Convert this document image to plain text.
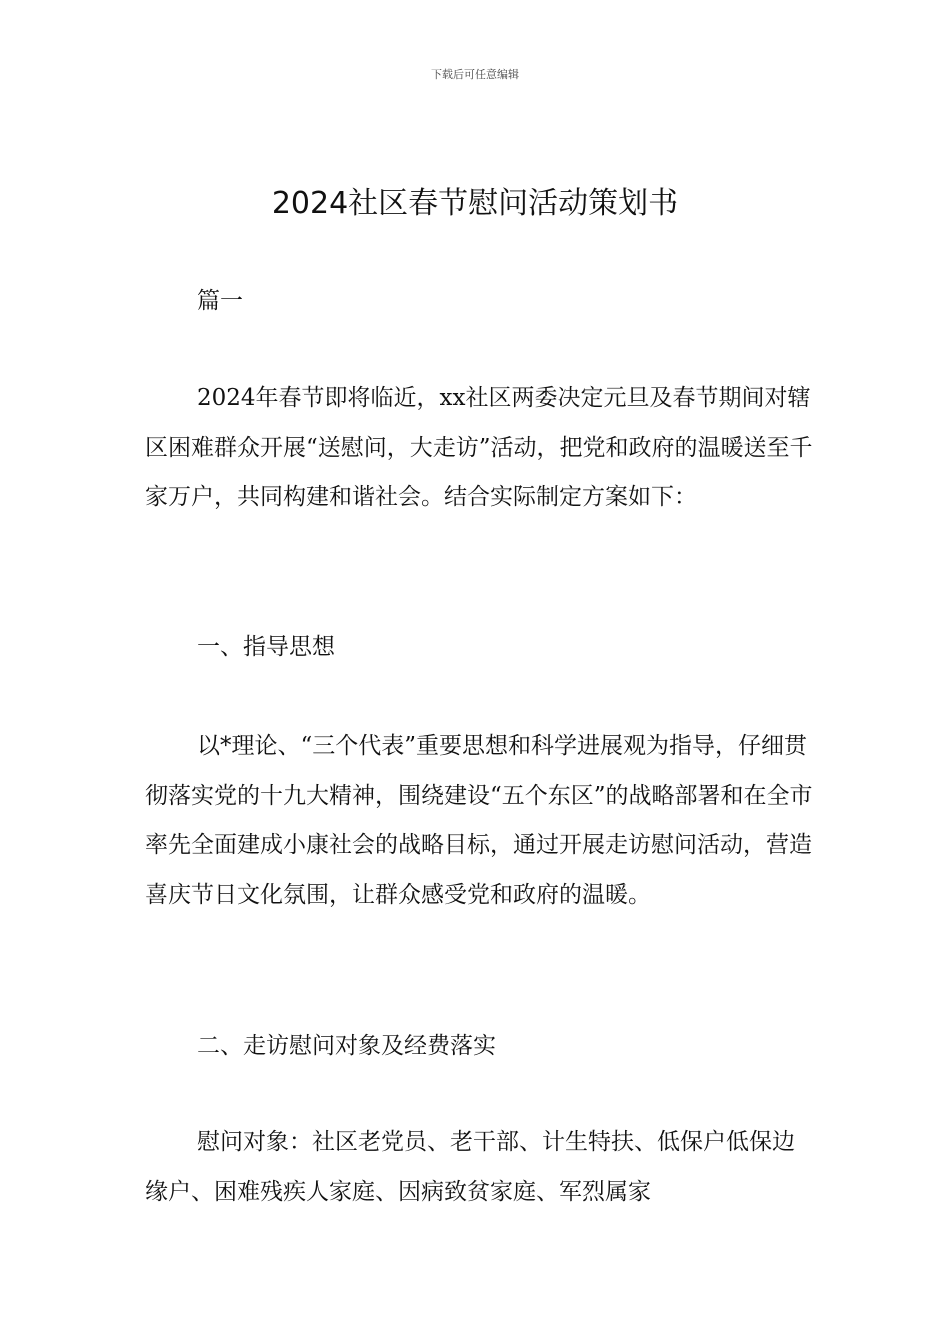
下载后可任意编辑
2024社区春节慰问活动策划书

篇一

2024年春节即将临近，xx社区两委决定元旦及春节期间对辖区困难群众开展“送慰问，大走访”活动，把党和政府的温暖送至千家万户，共同构建和谐社会。结合实际制定方案如下：

一、指导思想

以*理论、“三个代表”重要思想和科学进展观为指导，仔细贯彻落实党的十九大精神，围绕建设“五个东区”的战略部署和在全市率先全面建成小康社会的战略目标，通过开展走访慰问活动，营造喜庆节日文化氛围，让群众感受党和政府的温暖。

二、走访慰问对象及经费落实

慰问对象：社区老党员、老干部、计生特扶、低保户低保边缘户、困难残疾人家庭、因病致贫家庭、军烈属家
